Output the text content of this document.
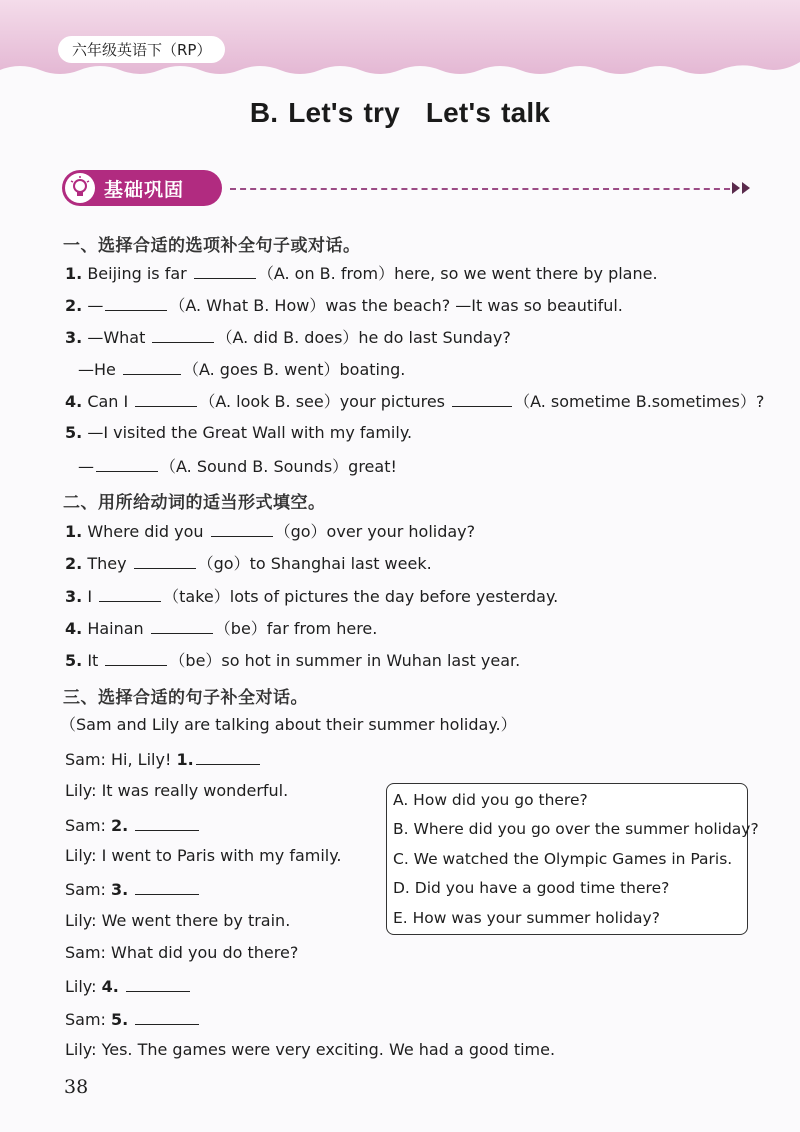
六年级英语下（RP）
B. Let's try Let's talk
基础巩固
一、选择合适的选项补全句子或对话。
1. Beijing is far	（A. on B. from）here, so we went there by plane.
2. —	（A. What B. How）was the beach? —It was so beautiful.
3. —What	（A. did B. does）he do last Sunday?
—He	（A. goes B. went）boating.
4. Can I	（A. look B. see）your pictures	（A. sometime B.sometimes）?
5. —I visited the Great Wall with my family.
—	（A. Sound B. Sounds）great!
二、用所给动词的适当形式填空。
1. Where did you	（go）over your holiday?
2. They	（go）to Shanghai last week.
3. I	（take）lots of pictures the day before yesterday.
4. Hainan	（be）far from here.
5. It	（be）so hot in summer in Wuhan last year.
三、选择合适的句子补全对话。
（Sam and Lily are talking about their summer holiday.）
Sam: Hi, Lily! 1.
Lily: It was really wonderful.
Sam: 2.
Lily: I went to Paris with my family.
Sam: 3.
Lily: We went there by train.
Sam: What did you do there?
Lily: 4.
Sam: 5.
Lily: Yes. The games were very exciting. We had a good time.
A. How did you go there?
B. Where did you go over the summer holiday?
C. We watched the Olympic Games in Paris.
D. Did you have a good time there?
E. How was your summer holiday?
38
